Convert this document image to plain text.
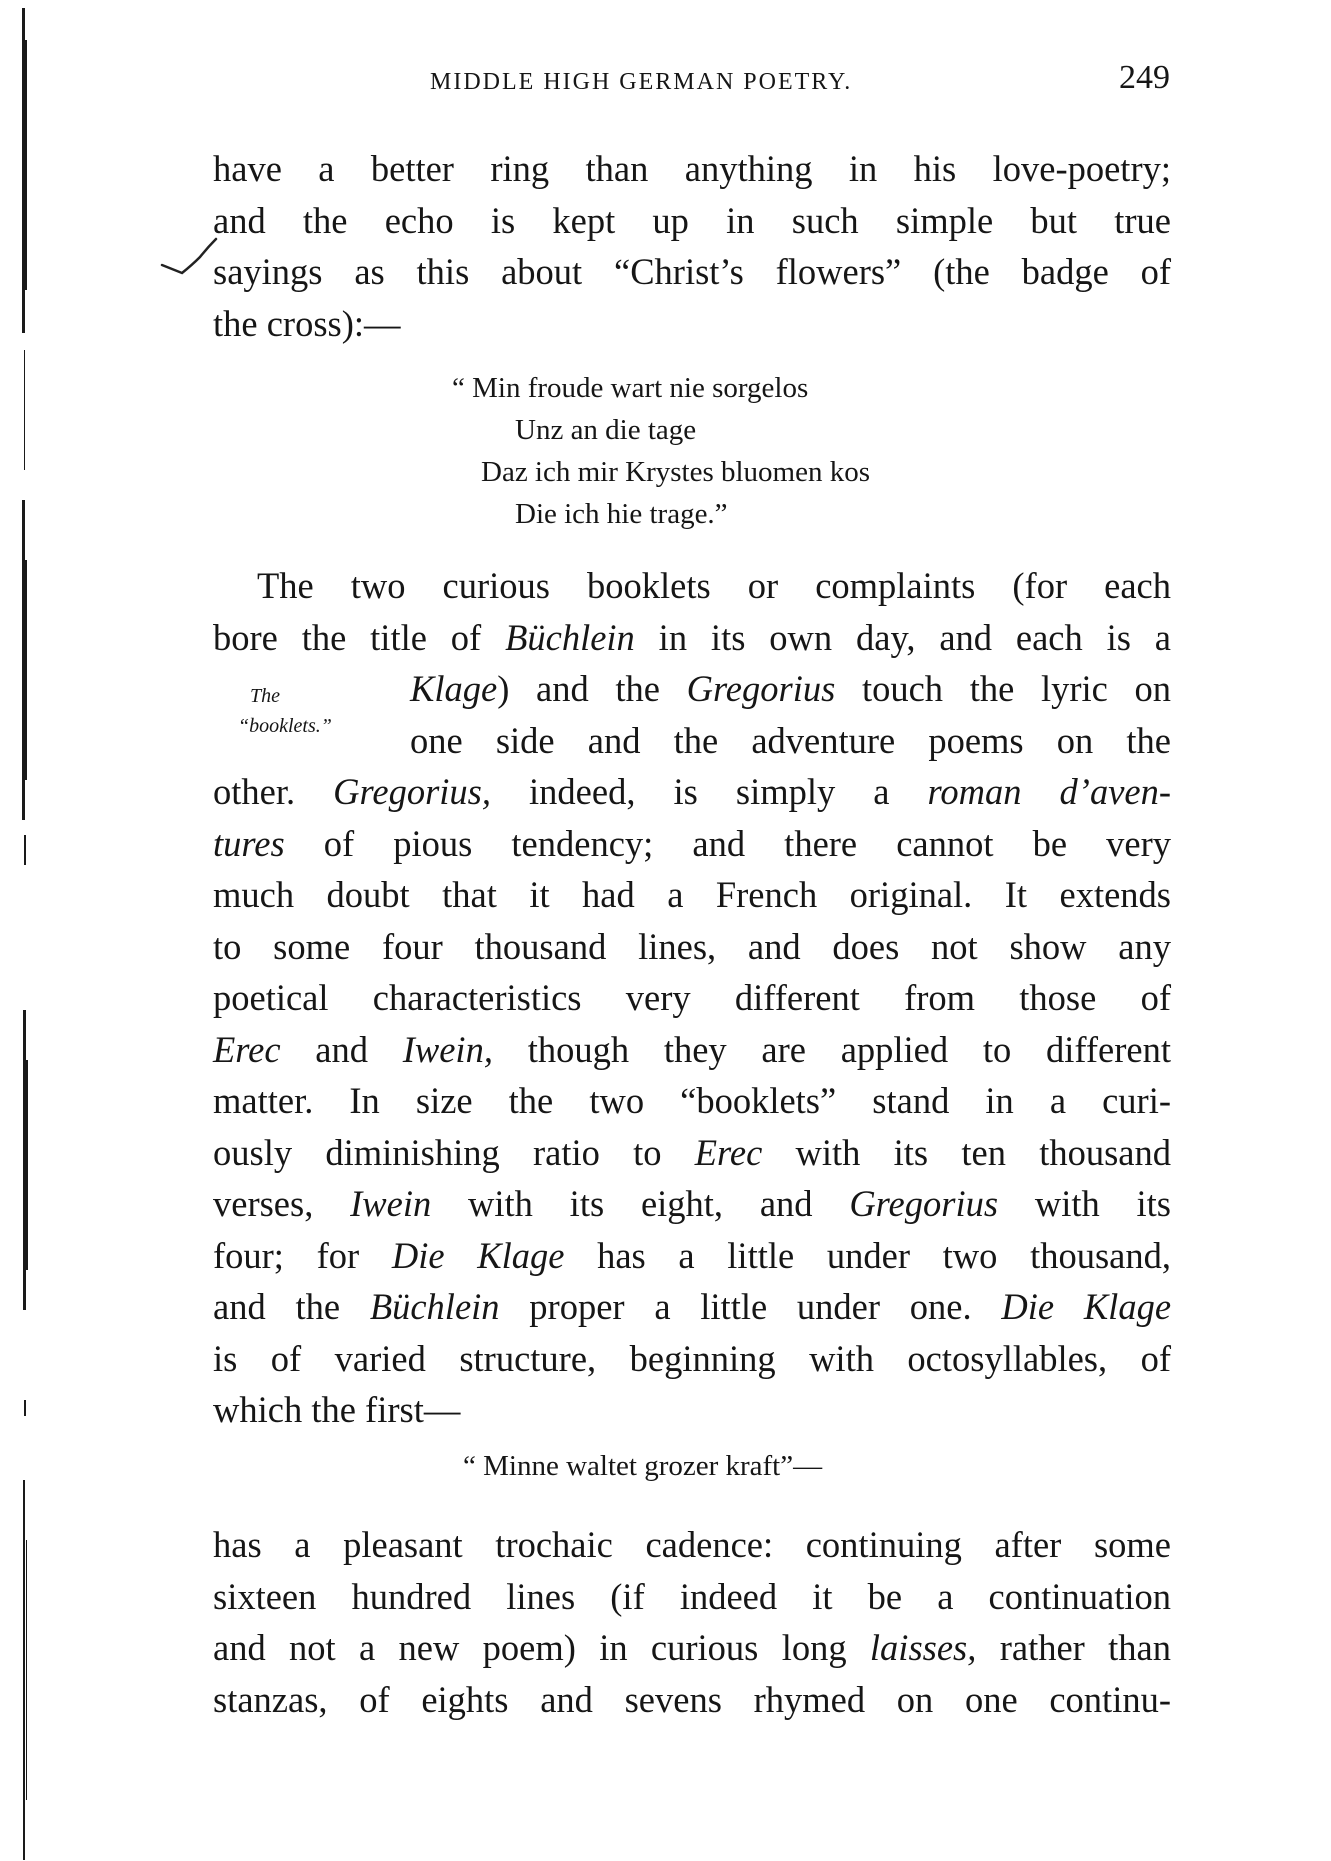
MIDDLE HIGH GERMAN POETRY.	249

have a better ring than anything in his love-poetry;

and the echo is kept up in such simple but true

sayings as this about “Christ’s flowers” (the badge of

the cross):—

“ Min froude wart nie sorgelos
Unz an die tage
Daz ich mir Krystes bluomen kos
Die ich hie trage.”
The
“booklets.”

The two curious booklets or complaints (for each

bore the title of Büchlein in its own day, and each is a

Klage) and the Gregorius touch the lyric on

one side and the adventure poems on the

other. Gregorius, indeed, is simply a roman d’aven-

tures of pious tendency; and there cannot be very

much doubt that it had a French original. It extends

to some four thousand lines, and does not show any

poetical characteristics very different from those of

Erec and Iwein, though they are applied to different

matter. In size the two “booklets” stand in a curi-

ously diminishing ratio to Erec with its ten thousand

verses, Iwein with its eight, and Gregorius with its

four; for Die Klage has a little under two thousand,

and the Büchlein proper a little under one. Die Klage

is of varied structure, beginning with octosyllables, of

which the first—

“ Minne waltet grozer kraft”—

has a pleasant trochaic cadence: continuing after some

sixteen hundred lines (if indeed it be a continuation

and not a new poem) in curious long laisses, rather than

stanzas, of eights and sevens rhymed on one continu-
